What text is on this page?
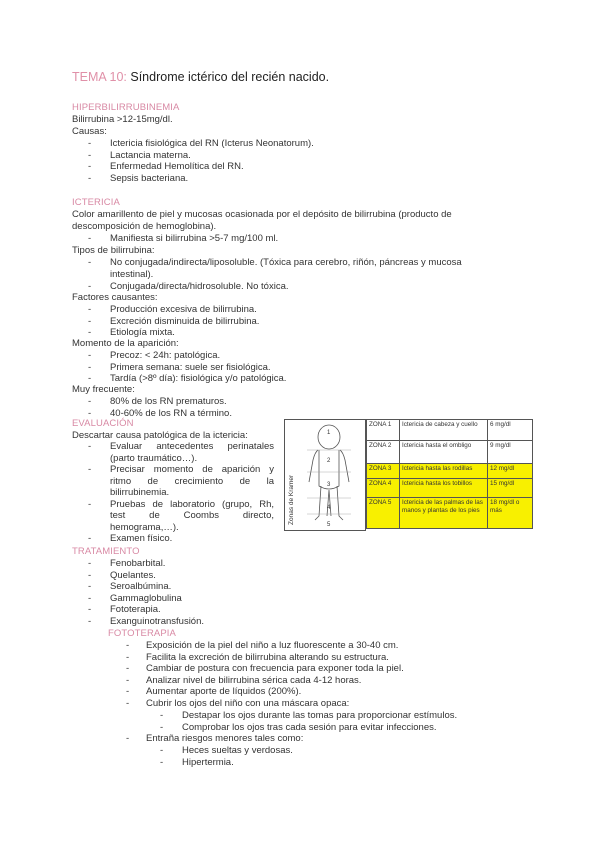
TEMA 10: Síndrome ictérico del recién nacido.
HIPERBILIRRUBINEMIA
Bilirrubina >12-15mg/dl.
Causas:
- Ictericia fisiológica del RN (Icterus Neonatorum).
- Lactancia materna.
- Enfermedad Hemolítica del RN.
- Sepsis bacteriana.
ICTERICIA
Color amarillento de piel y mucosas ocasionada por el depósito de bilirrubina (producto de
descomposición de hemoglobina).
- Manifiesta si bilirrubina >5-7 mg/100 ml.
Tipos de bilirrubina:
- No conjugada/indirecta/liposoluble. (Tóxica para cerebro, riñón, páncreas y mucosa
intestinal).
- Conjugada/directa/hidrosoluble. No tóxica.
Factores causantes:
- Producción excesiva de bilirrubina.
- Excreción disminuida de bilirrubina.
- Etiología mixta.
Momento de la aparición:
- Precoz: < 24h: patológica.
- Primera semana: suele ser fisiológica.
- Tardía (>8º día): fisiológica y/o patológica.
Muy frecuente:
- 80% de los RN prematuros.
- 40-60% de los RN a término.
EVALUACIÓN
Descartar causa patológica de la ictericia:
- Evaluar antecedentes perinatales
(parto traumático…).
- Precisar momento de aparición y
ritmo de crecimiento de la
bilirrubinemia.
- Pruebas de laboratorio (grupo, Rh,
test de Coombs directo,
hemograma,…).
- Examen físico.
Zonas de Kramer
1
2
3
4
5
ZONA 1	Ictericia de cabeza y cuello	6 mg/dl
ZONA 2	Ictericia hasta el ombligo	9 mg/dl
ZONA 3	Ictericia hasta las rodillas	12 mg/dl
ZONA 4	Ictericia hasta los tobillos	15 mg/dl
ZONA 5	Ictericia de las palmas de las manos y plantas de los pies	18 mg/dl o más
TRATAMIENTO
- Fenobarbital.
- Quelantes.
- Seroalbúmina.
- Gammaglobulina
- Fototerapia.
- Exanguinotransfusión.
FOTOTERAPIA
- Exposición de la piel del niño a luz fluorescente a 30-40 cm.
- Facilita la excreción de bilirrubina alterando su estructura.
- Cambiar de postura con frecuencia para exponer toda la piel.
- Analizar nivel de bilirrubina sérica cada 4-12 horas.
- Aumentar aporte de líquidos (200%).
- Cubrir los ojos del niño con una máscara opaca:
- Destapar los ojos durante las tomas para proporcionar estímulos.
- Comprobar los ojos tras cada sesión para evitar infecciones.
- Entraña riesgos menores tales como:
- Heces sueltas y verdosas.
- Hipertermia.
